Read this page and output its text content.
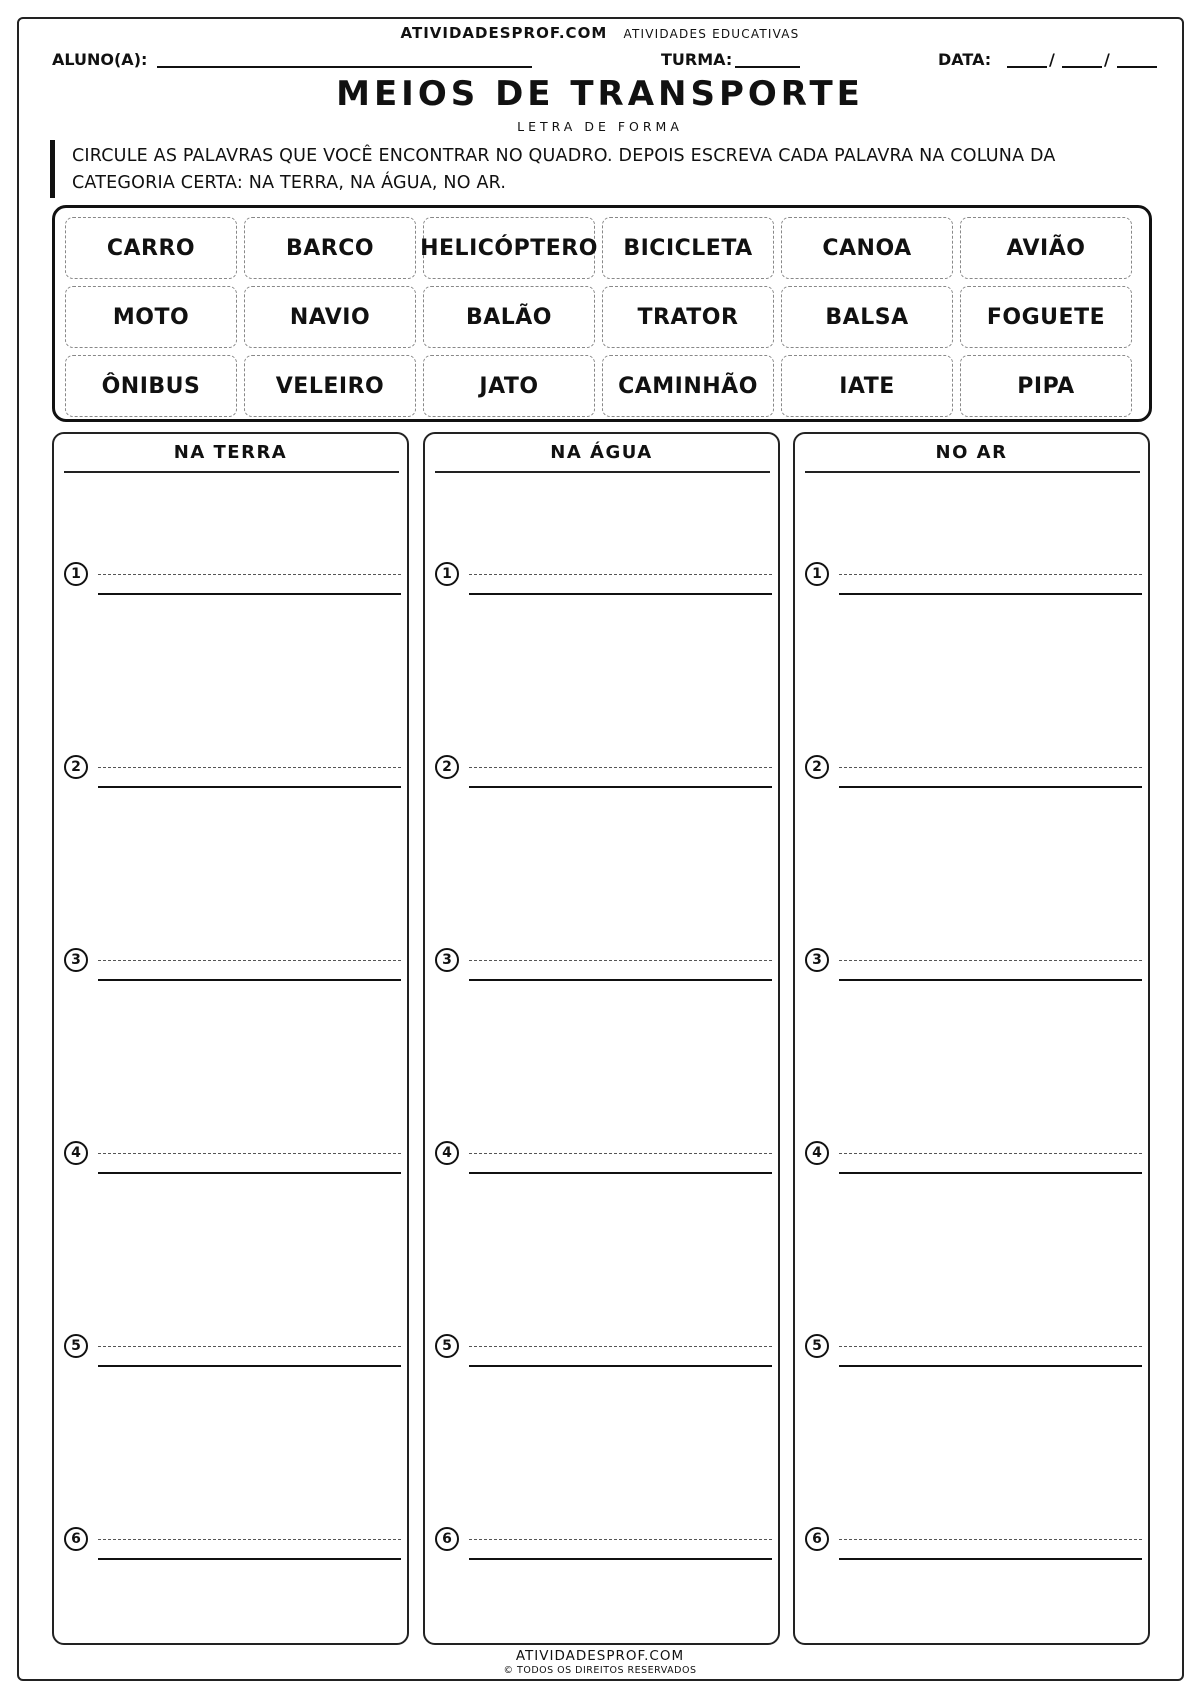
ATIVIDADESPROF.COM ATIVIDADES EDUCATIVAS
ALUNO(A):	TURMA:	DATA:	/	/
MEIOS DE TRANSPORTE
LETRA DE FORMA
CIRCULE AS PALAVRAS QUE VOCÊ ENCONTRAR NO QUADRO. DEPOIS ESCREVA CADA PALAVRA NA COLUNA DA CATEGORIA CERTA: NA TERRA, NA ÁGUA, NO AR.
CARRO	BARCO	HELICÓPTERO	BICICLETA	CANOA	AVIÃO
MOTO	NAVIO	BALÃO	TRATOR	BALSA	FOGUETE
ÔNIBUS	VELEIRO	JATO	CAMINHÃO	IATE	PIPA
NA TERRA
1
2
3
4
5
6
NA ÁGUA
1
2
3
4
5
6
NO AR
1
2
3
4
5
6
ATIVIDADESPROF.COM
© TODOS OS DIREITOS RESERVADOS
